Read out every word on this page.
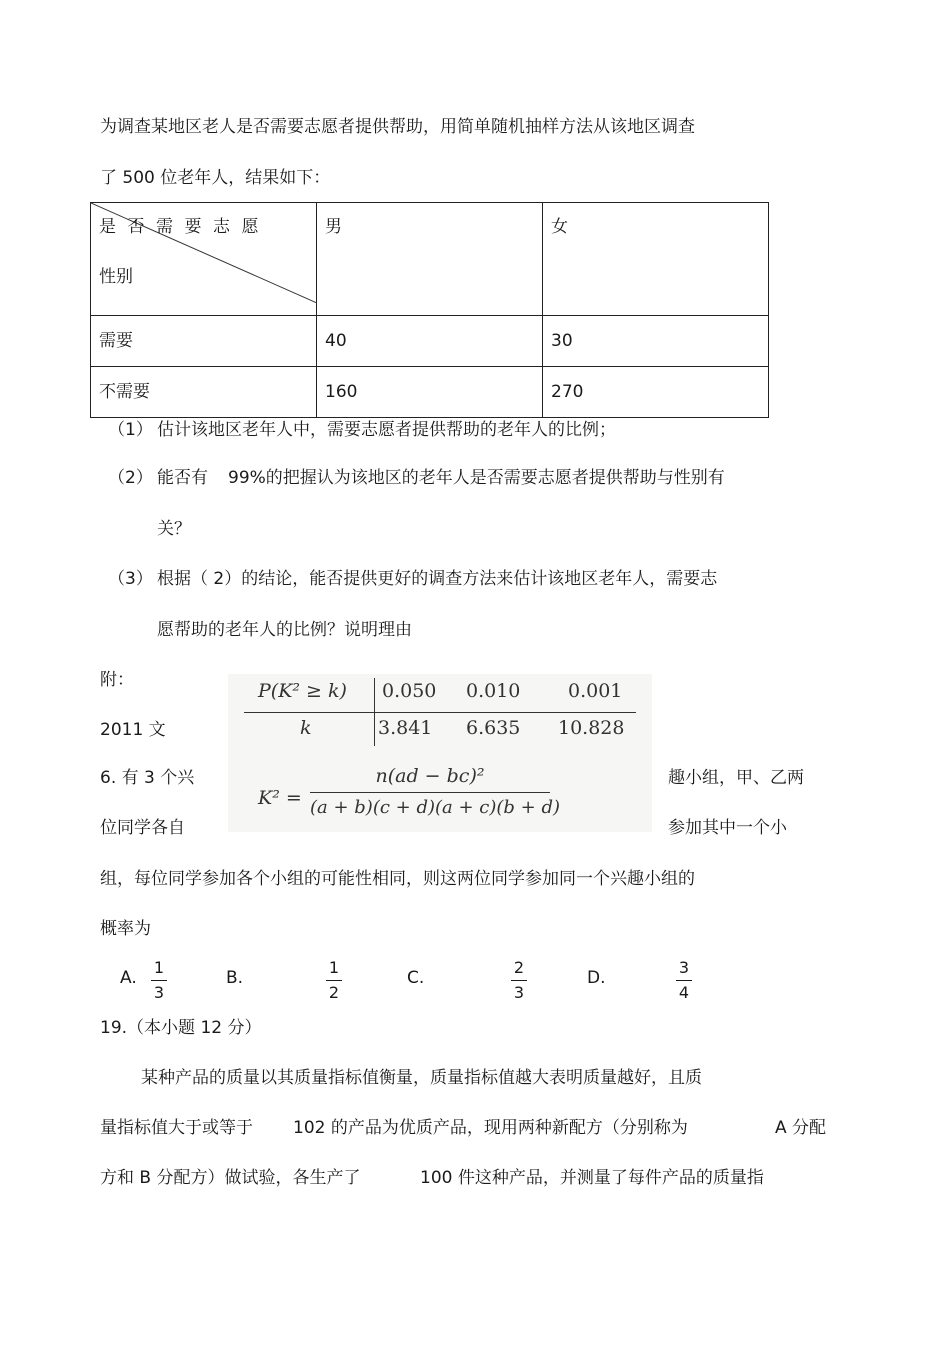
为调查某地区老人是否需要志愿者提供帮助，用简单随机抽样方法从该地区调查
了 500 位老年人，结果如下：
是否需要志愿
性别	男	女
需要	40	30
不需要	160	270
（1） 估计该地区老年人中，需要志愿者提供帮助的老年人的比例；
（2） 能否有 99%的把握认为该地区的老年人是否需要志愿者提供帮助与性别有
关？
（3） 根据（ 2）的结论，能否提供更好的调查方法来估计该地区老年人，需要志
愿帮助的老年人的比例？说明理由
附：
2011 文
P(K² ≥ k) 0.050 0.010	0.001
k	3.841 6.635 10.828
K² =
n(ad − bc)²
(a + b)(c + d)(a + c)(b + d)
6. 有 3 个兴	趣小组，甲、乙两
位同学各自	参加其中一个小
组，每位同学参加各个小组的可能性相同，则这两位同学参加同一个兴趣小组的
概率为
A.
1
3
B.
1
2
C.
2
3
D.
3
4
19.（本小题 12 分）
某种产品的质量以其质量指标值衡量，质量指标值越大表明质量越好，且质
量指标值大于或等于 102 的产品为优质产品，现用两种新配方（分别称为	A 分配
方和 B 分配方）做试验，各生产了	100 件这种产品，并测量了每件产品的质量指
